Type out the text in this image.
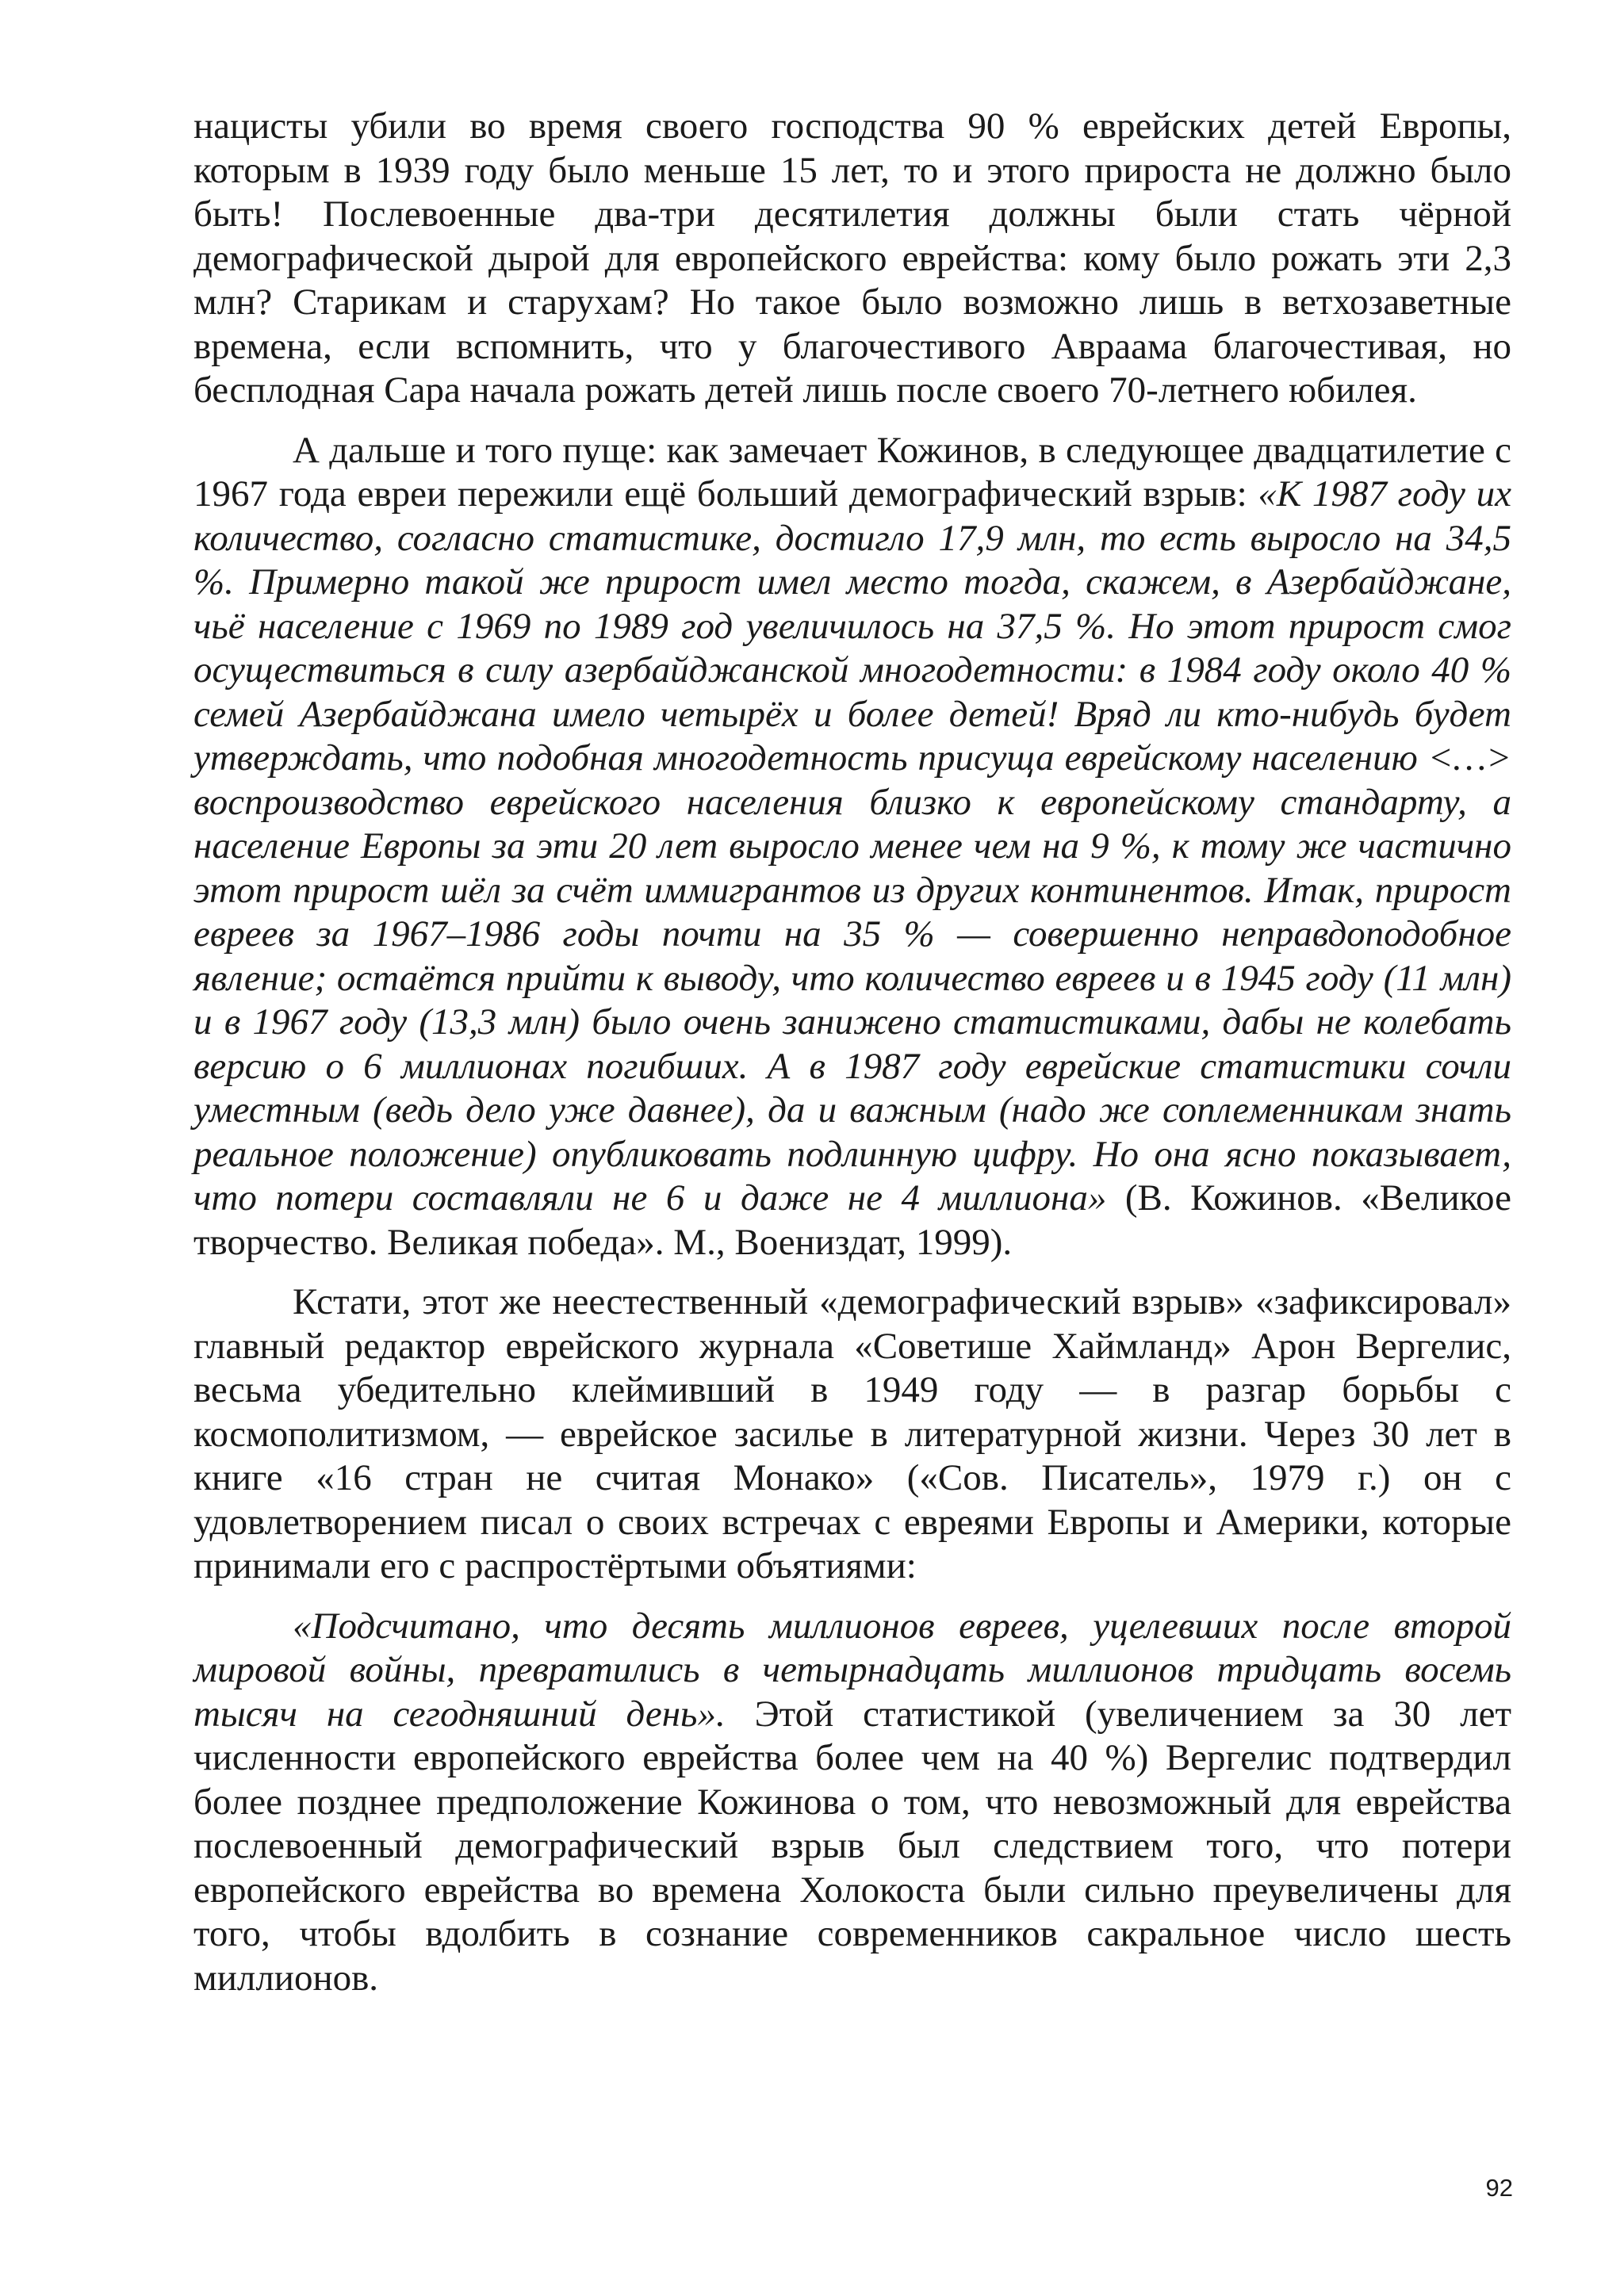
нацисты убили во время своего господства 90 % еврейских детей Европы, которым в 1939 году было меньше 15 лет, то и этого прироста не должно было быть! Послевоенные два-три десятилетия должны были стать чёрной демографической дырой для европейского еврейства: кому было рожать эти 2,3 млн? Старикам и старухам? Но такое было возможно лишь в ветхозаветные времена, если вспомнить, что у благочестивого Авраама благочестивая, но бесплодная Сара начала рожать детей лишь после своего 70-летнего юбилея.

А дальше и того пуще: как замечает Кожинов, в следующее двадцатилетие с 1967 года евреи пережили ещё больший демографический взрыв: «К 1987 году их количество, согласно статистике, достигло 17,9 млн, то есть выросло на 34,5 %. Примерно такой же прирост имел место тогда, скажем, в Азербайджане, чьё население с 1969 по 1989 год увеличилось на 37,5 %. Но этот прирост смог осуществиться в силу азербайджанской многодетности: в 1984 году около 40 % семей Азербайджана имело четырёх и более детей! Вряд ли кто-нибудь будет утверждать, что подобная многодетность присуща еврейскому населению <…> воспроизводство еврейского населения близко к европейскому стандарту, а население Европы за эти 20 лет выросло менее чем на 9 %, к тому же частично этот прирост шёл за счёт иммигрантов из других континентов. Итак, прирост евреев за 1967–1986 годы почти на 35 % — совершенно неправдоподобное явление; остаётся прийти к выводу, что количество евреев и в 1945 году (11 млн) и в 1967 году (13,3 млн) было очень занижено статистиками, дабы не колебать версию о 6 миллионах погибших. А в 1987 году еврейские статистики сочли уместным (ведь дело уже давнее), да и важным (надо же соплеменникам знать реальное положение) опубликовать подлинную цифру. Но она ясно показывает, что потери составляли не 6 и даже не 4 миллиона» (В. Кожинов. «Великое творчество. Великая победа». М., Воениздат, 1999).

Кстати, этот же неестественный «демографический взрыв» «зафиксировал» главный редактор еврейского журнала «Советише Хаймланд» Арон Вергелис, весьма убедительно клеймивший в 1949 году — в разгар борьбы с космополитизмом, — еврейское засилье в литературной жизни. Через 30 лет в книге «16 стран не считая Монако» («Сов. Писатель», 1979 г.) он с удовлетворением писал о своих встречах с евреями Европы и Америки, которые принимали его с распростёртыми объятиями:

«Подсчитано, что десять миллионов евреев, уцелевших после второй мировой войны, превратились в четырнадцать миллионов тридцать восемь тысяч на сегодняшний день». Этой статистикой (увеличением за 30 лет численности европейского еврейства более чем на 40 %) Вергелис подтвердил более позднее предположение Кожинова о том, что невозможный для еврейства послевоенный демографический взрыв был следствием того, что потери европейского еврейства во времена Холокоста были сильно преувеличены для того, чтобы вдолбить в сознание современников сакральное число шесть миллионов.

92
